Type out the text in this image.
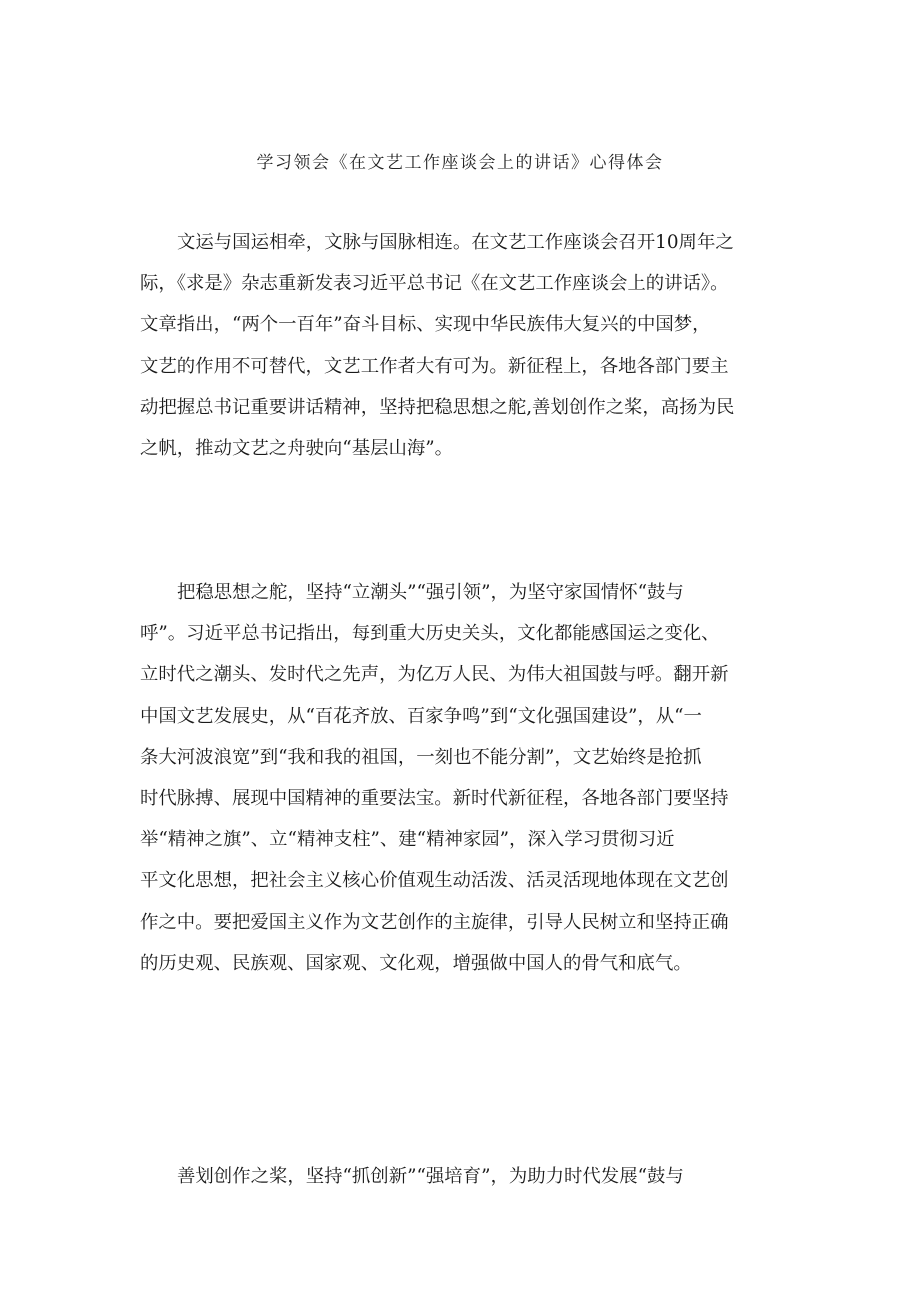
学习领会《在文艺工作座谈会上的讲话》心得体会
文运与国运相牵，文脉与国脉相连。在文艺工作座谈会召开10周年之
际，《求是》杂志重新发表习近平总书记《在文艺工作座谈会上的讲话》。
文章指出，“两个一百年”奋斗目标、实现中华民族伟大复兴的中国梦，
文艺的作用不可替代，文艺工作者大有可为。新征程上，各地各部门要主
动把握总书记重要讲话精神，坚持把稳思想之舵,善划创作之桨，高扬为民
之帆，推动文艺之舟驶向“基层山海”。
把稳思想之舵，坚持“立潮头”“强引领”，为坚守家国情怀“鼓与
呼”。习近平总书记指出，每到重大历史关头，文化都能感国运之变化、
立时代之潮头、发时代之先声，为亿万人民、为伟大祖国鼓与呼。翻开新
中国文艺发展史，从“百花齐放、百家争鸣”到“文化强国建设”，从“一
条大河波浪宽”到“我和我的祖国，一刻也不能分割”，文艺始终是抢抓
时代脉搏、展现中国精神的重要法宝。新时代新征程，各地各部门要坚持
举“精神之旗”、立“精神支柱”、建“精神家园”，深入学习贯彻习近
平文化思想，把社会主义核心价值观生动活泼、活灵活现地体现在文艺创
作之中。要把爱国主义作为文艺创作的主旋律，引导人民树立和坚持正确
的历史观、民族观、国家观、文化观，增强做中国人的骨气和底气。
善划创作之桨，坚持“抓创新”“强培育”，为助力时代发展“鼓与
